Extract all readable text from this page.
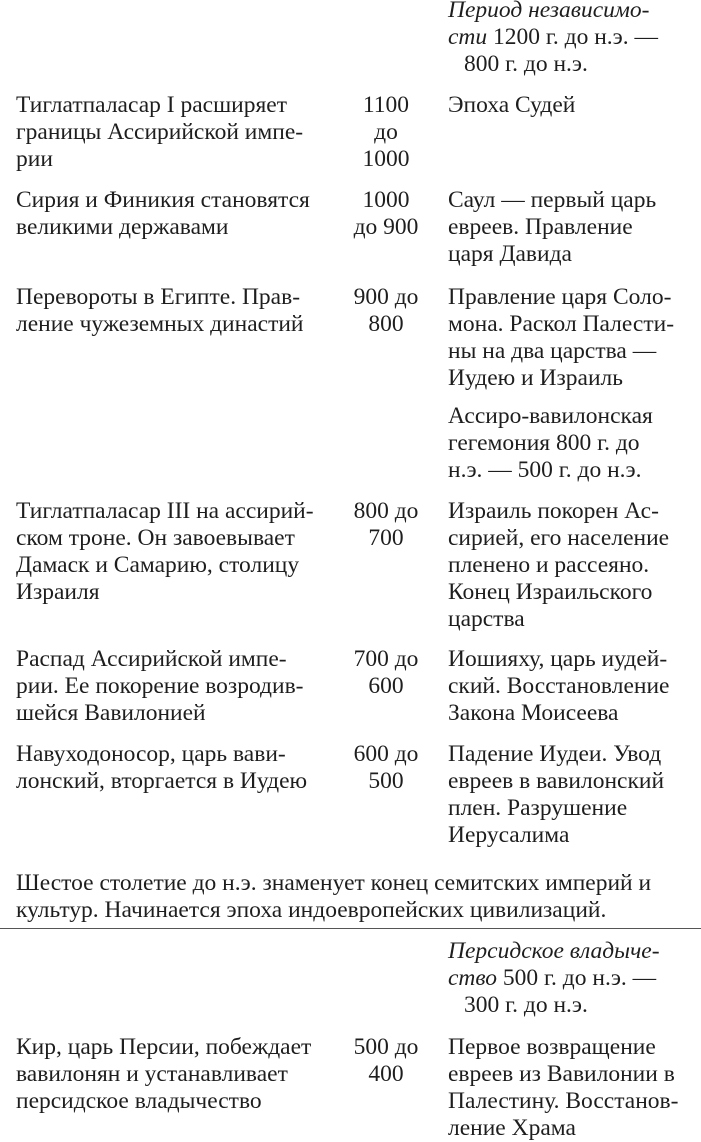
Период независимо-
сти 1200 г. до н.э. —
800 г. до н.э.
Тиглатпаласар I расширяет
границы Ассирийской импе-
рии
1100
до
1000
Эпоха Судей
Сирия и Финикия становятся
великими державами
1000
до 900
Саул — первый царь
евреев. Правление
царя Давида
Перевороты в Египте. Прав-
ление чужеземных династий
900 до
800
Правление царя Соло-
мона. Раскол Палести-
ны на два царства —
Иудею и Израиль
Ассиро-вавилонская
гегемония 800 г. до
н.э. — 500 г. до н.э.
Тиглатпаласар III на ассирий-
ском троне. Он завоевывает
Дамаск и Самарию, столицу
Израиля
800 до
700
Израиль покорен Ас-
сирией, его население
пленено и рассеяно.
Конец Израильского
царства
Распад Ассирийской импе-
рии. Ее покорение возродив-
шейся Вавилонией
700 до
600
Иошияху, царь иудей-
ский. Восстановление
Закона Моисеева
Навуходоносор, царь вави-
лонский, вторгается в Иудею
600 до
500
Падение Иудеи. Увод
евреев в вавилонский
плен. Разрушение
Иерусалима
Шестое столетие до н.э. знаменует конец семитских империй и
культур. Начинается эпоха индоевропейских цивилизаций.
Персидское владыче-
ство 500 г. до н.э. —
300 г. до н.э.
Кир, царь Персии, побеждает
вавилонян и устанавливает
персидское владычество
500 до
400
Первое возвращение
евреев из Вавилонии в
Палестину. Восстанов-
ление Храма
